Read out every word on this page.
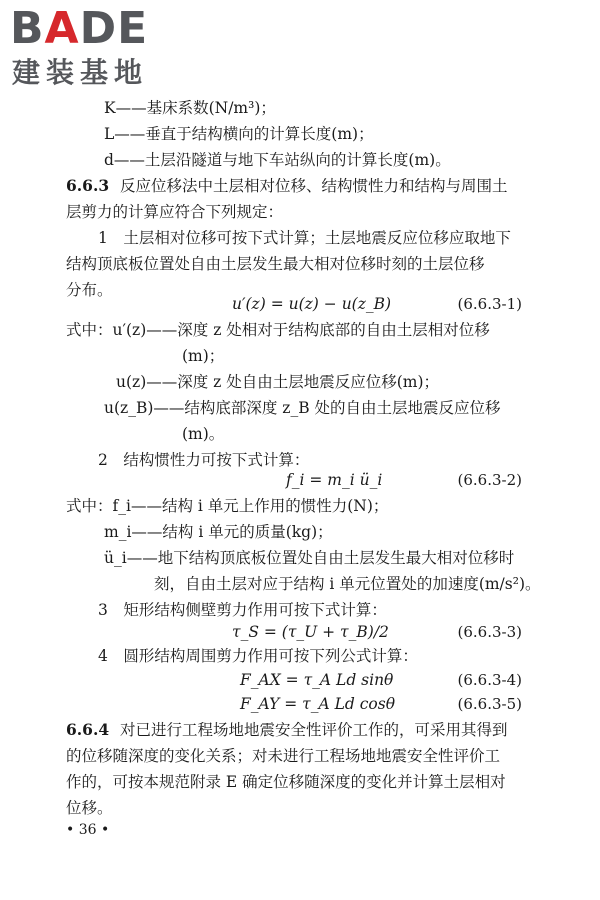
BADE
建装基地
K——基床系数(N/m³)；
L——垂直于结构横向的计算长度(m)；
d——土层沿隧道与地下车站纵向的计算长度(m)。
6.6.3 反应位移法中土层相对位移、结构惯性力和结构与周围土
层剪力的计算应符合下列规定：
1　土层相对位移可按下式计算；土层地震反应位移应取地下
结构顶底板位置处自由土层发生最大相对位移时刻的土层位移
分布。
u′(z) = u(z) − u(z_B)	(6.6.3-1)
式中：u′(z)——深度 z 处相对于结构底部的自由土层相对位移
(m)；
u(z)——深度 z 处自由土层地震反应位移(m)；
u(z_B)——结构底部深度 z_B 处的自由土层地震反应位移
(m)。
2　结构惯性力可按下式计算：
f_i = m_i ü_i	(6.6.3-2)
式中：f_i——结构 i 单元上作用的惯性力(N)；
m_i——结构 i 单元的质量(kg)；
ü_i——地下结构顶底板位置处自由土层发生最大相对位移时
刻，自由土层对应于结构 i 单元位置处的加速度(m/s²)。
3　矩形结构侧壁剪力作用可按下式计算：
τ_S = (τ_U + τ_B)/2	(6.6.3-3)
4　圆形结构周围剪力作用可按下列公式计算：
F_AX = τ_A Ld sinθ	(6.6.3-4)
F_AY = τ_A Ld cosθ	(6.6.3-5)
6.6.4 对已进行工程场地地震安全性评价工作的，可采用其得到
的位移随深度的变化关系；对未进行工程场地地震安全性评价工
作的，可按本规范附录 E 确定位移随深度的变化并计算土层相对
位移。
• 36 •
